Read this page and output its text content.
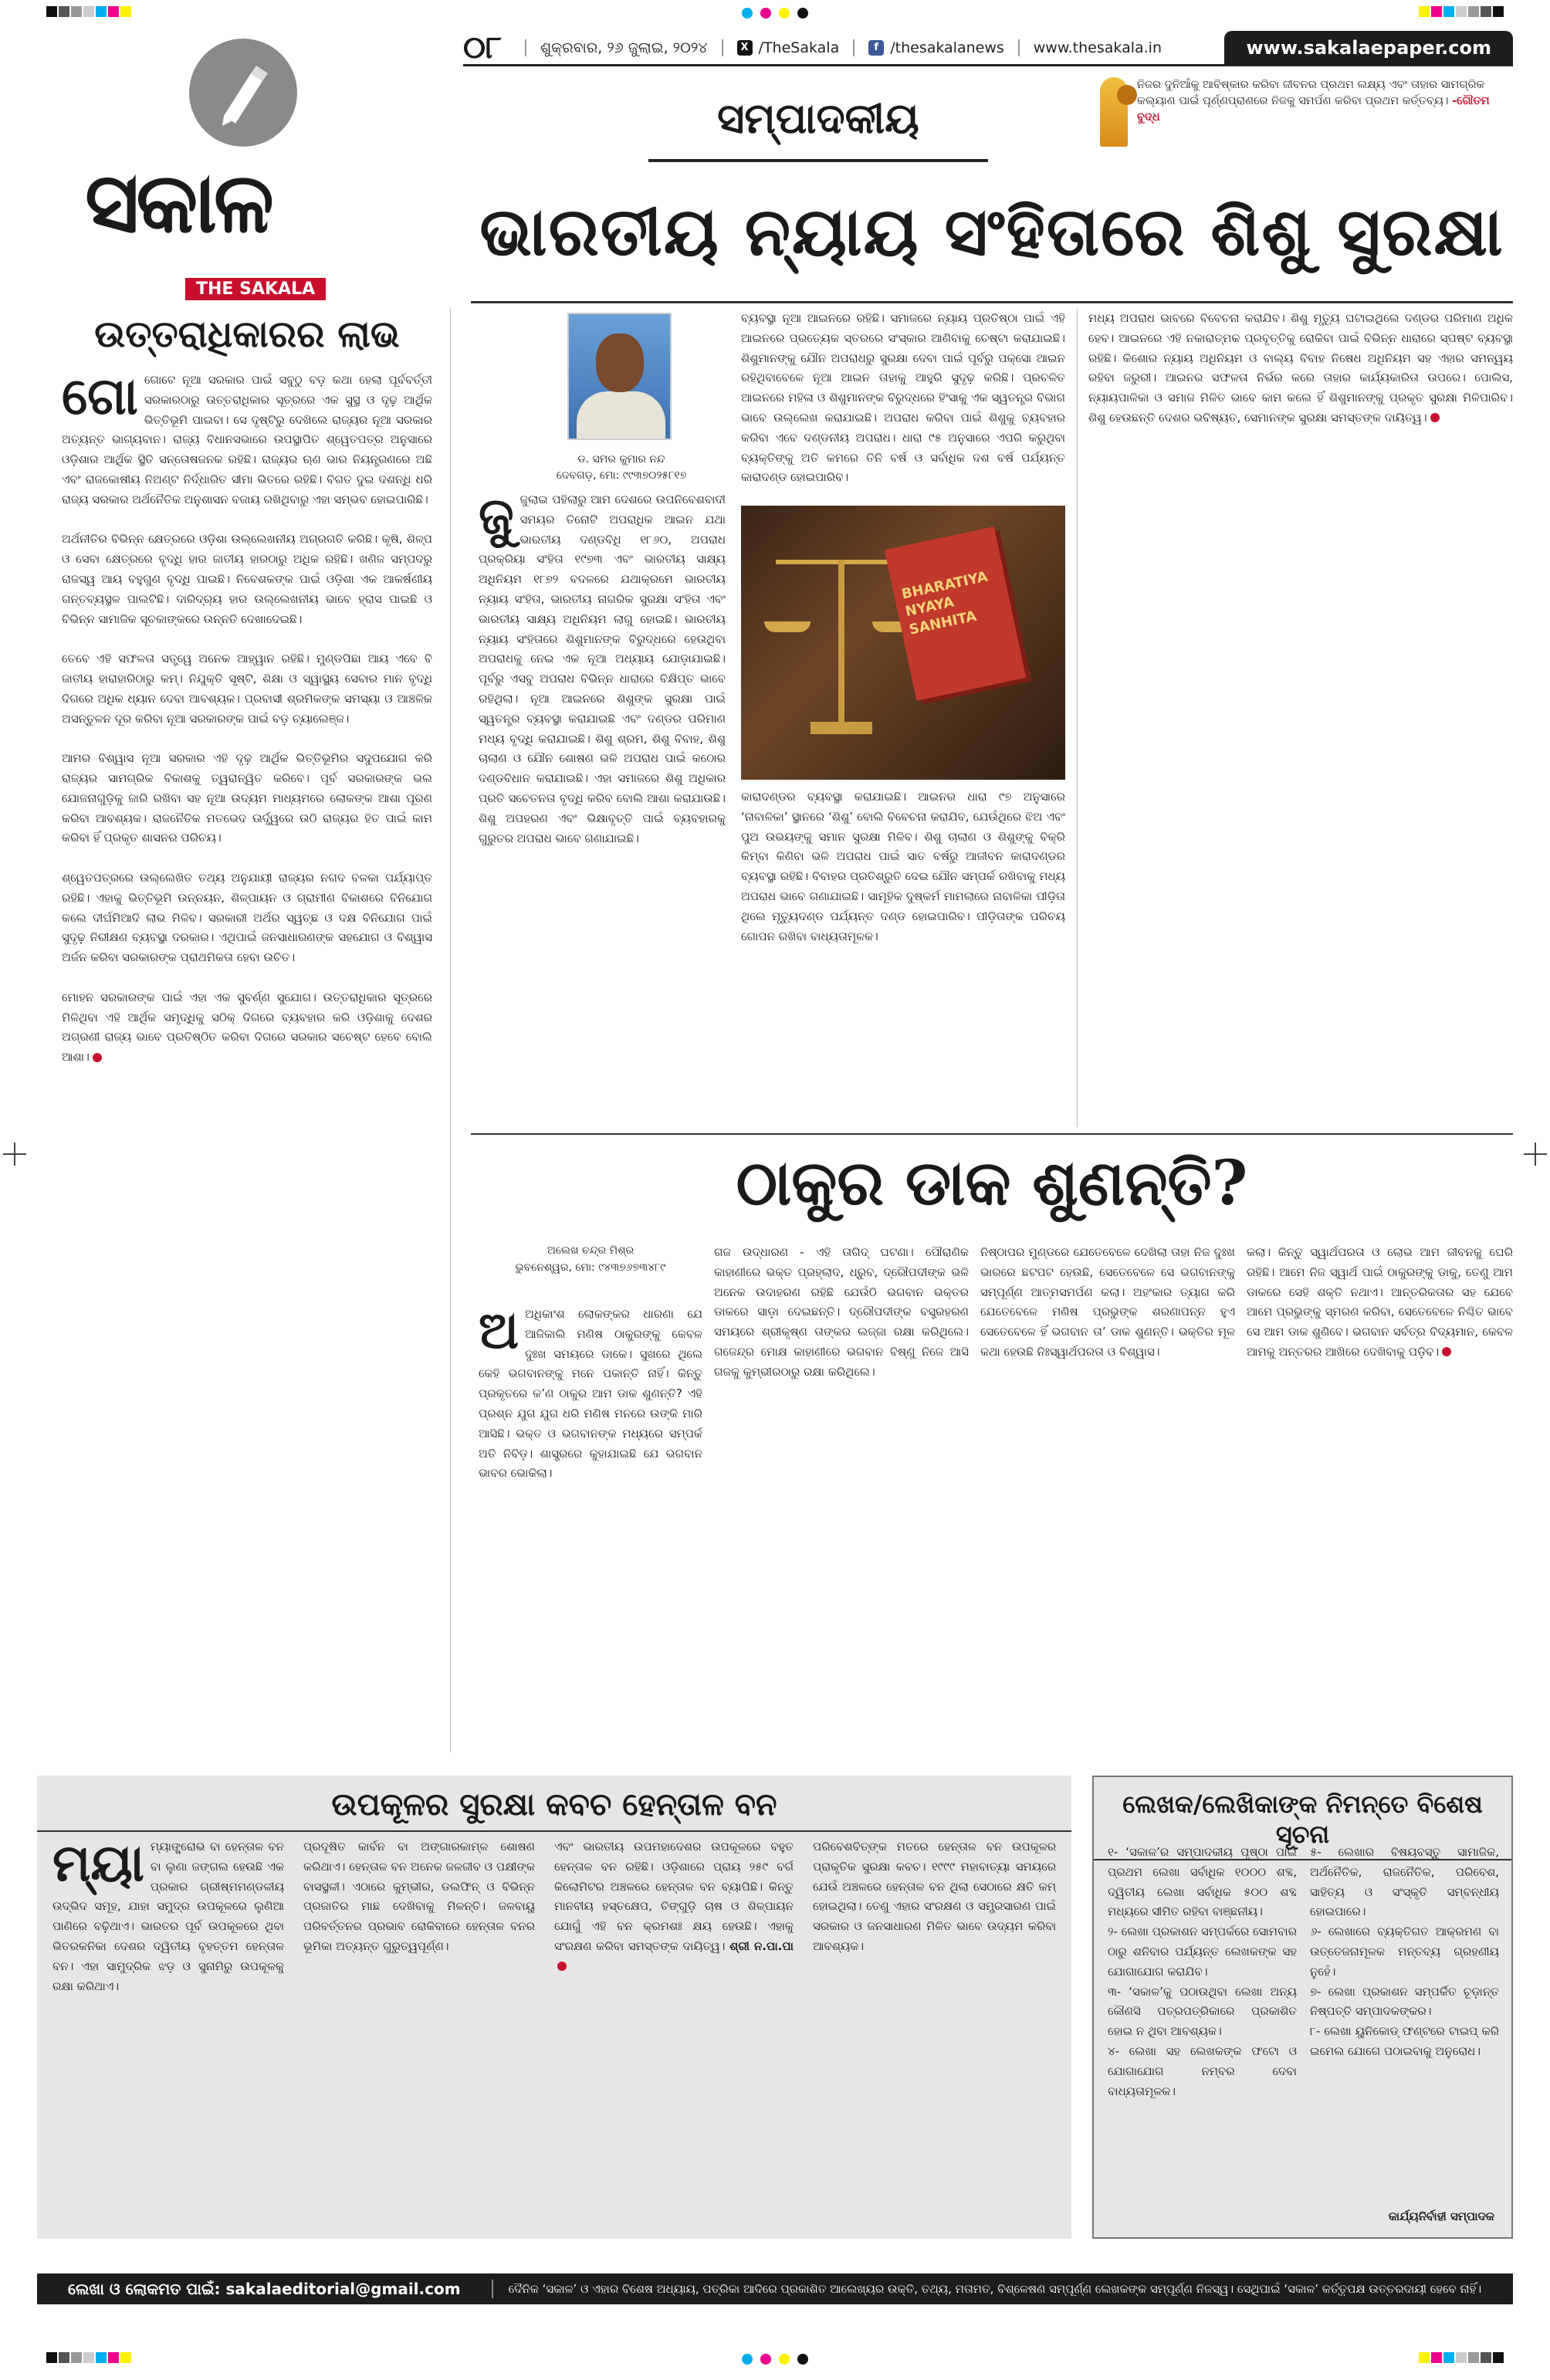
୦୮	ଶୁକ୍ରବାର, ୨୬ ଜୁଲାଇ, ୨୦୨୪	X /TheSakala	f /thesakalanews www.thesakala.in	www.sakalaepaper.com
ସକାଳ
THE SAKALA
ସମ୍ପାଦକୀୟ
ନିଜର ଦୁନିଆଁକୁ ଆବିଷ୍କାର କରିବା ଜୀବନର ପ୍ରଥମ ଲକ୍ଷ୍ୟ ଏବଂ ତାହାର ସାମଗ୍ରିକ କଲ୍ୟାଣ ପାଇଁ ପୂର୍ଣ୍ଣପ୍ରାଣରେ ନିଜକୁ ସମର୍ପଣ କରିବା ପ୍ରଥମ କର୍ତ୍ତବ୍ୟ। -ଗୌତମ ବୁଦ୍ଧ
ଭାରତୀୟ ନ୍ୟାୟ ସଂହିତାରେ ଶିଶୁ ସୁରକ୍ଷା
ଉତ୍ତରାଧିକାରର ଲାଭ
ଗୋ ଗୋଟେ ନୂଆ ସରକାର ପାଇଁ ସବୁଠୁ ବଡ଼ କଥା ହେଲା ପୂର୍ବବର୍ତ୍ତୀ ସରକାରଠାରୁ ଉତ୍ତରାଧିକାର ସୂତ୍ରରେ ଏକ ସୁସ୍ଥ ଓ ଦୃଢ଼ ଆର୍ଥିକ ଭିତ୍ତିଭୂମି ପାଇବା। ସେ ଦୃଷ୍ଟିରୁ ଦେଖିଲେ ରାଜ୍ୟର ନୂଆ ସରକାର ଅତ୍ୟନ୍ତ ଭାଗ୍ୟବାନ। ରାଜ୍ୟ ବିଧାନସଭାରେ ଉପସ୍ଥାପିତ ଶ୍ୱେତପତ୍ର ଅନୁସାରେ ଓଡ଼ିଶାର ଆର୍ଥିକ ସ୍ଥିତି ସନ୍ତୋଷଜନକ ରହିଛି। ରାଜ୍ୟର ଋଣ ଭାର ନିୟନ୍ତ୍ରଣରେ ଅଛି ଏବଂ ରାଜକୋଷୀୟ ନିଅଣ୍ଟ ନିର୍ଦ୍ଧାରିତ ସୀମା ଭିତରେ ରହିଛି। ବିଗତ ଦୁଇ ଦଶନ୍ଧି ଧରି ରାଜ୍ୟ ସରକାର ଅର୍ଥନୈତିକ ଅନୁଶାସନ ବଜାୟ ରଖିଥିବାରୁ ଏହା ସମ୍ଭବ ହୋଇପାରିଛି।

ଅର୍ଥନୀତିର ବିଭିନ୍ନ କ୍ଷେତ୍ରରେ ଓଡ଼ିଶା ଉଲ୍ଲେଖନୀୟ ଅଗ୍ରଗତି କରିଛି। କୃଷି, ଶିଳ୍ପ ଓ ସେବା କ୍ଷେତ୍ରରେ ବୃଦ୍ଧି ହାର ଜାତୀୟ ହାରଠାରୁ ଅଧିକ ରହିଛି। ଖଣିଜ ସମ୍ପଦରୁ ରାଜସ୍ୱ ଆୟ ବହୁଗୁଣ ବୃଦ୍ଧି ପାଇଛି। ନିବେଶକଙ୍କ ପାଇଁ ଓଡ଼ିଶା ଏକ ଆକର୍ଷଣୀୟ ଗନ୍ତବ୍ୟସ୍ଥଳ ପାଲଟିଛି। ଦାରିଦ୍ର୍ୟ ହାର ଉଲ୍ଲେଖନୀୟ ଭାବେ ହ୍ରାସ ପାଇଛି ଓ ବିଭିନ୍ନ ସାମାଜିକ ସୂଚକାଙ୍କରେ ଉନ୍ନତି ଦେଖାଦେଇଛି।

ତେବେ ଏହି ସଫଳତା ସତ୍ତ୍ୱେ ଅନେକ ଆହ୍ୱାନ ରହିଛି। ମୁଣ୍ଡପିଛା ଆୟ ଏବେ ବି ଜାତୀୟ ହାରାହାରିଠାରୁ କମ୍। ନିଯୁକ୍ତି ସୃଷ୍ଟି, ଶିକ୍ଷା ଓ ସ୍ୱାସ୍ଥ୍ୟ ସେବାର ମାନ ବୃଦ୍ଧି ଦିଗରେ ଅଧିକ ଧ୍ୟାନ ଦେବା ଆବଶ୍ୟକ। ପ୍ରବାସୀ ଶ୍ରମିକଙ୍କ ସମସ୍ୟା ଓ ଆଞ୍ଚଳିକ ଅସନ୍ତୁଳନ ଦୂର କରିବା ନୂଆ ସରକାରଙ୍କ ପାଇଁ ବଡ଼ ଚ୍ୟାଲେଞ୍ଜ।

ଆମର ବିଶ୍ୱାସ ନୂଆ ସରକାର ଏହି ଦୃଢ଼ ଆର୍ଥିକ ଭିତ୍ତିଭୂମିର ସଦୁପଯୋଗ କରି ରାଜ୍ୟର ସାମଗ୍ରିକ ବିକାଶକୁ ତ୍ୱରାନ୍ୱିତ କରିବେ। ପୂର୍ବ ସରକାରଙ୍କ ଭଲ ଯୋଜନାଗୁଡ଼ିକୁ ଜାରି ରଖିବା ସହ ନୂଆ ଉଦ୍ୟମ ମାଧ୍ୟମରେ ଲୋକଙ୍କ ଆଶା ପୂରଣ କରିବା ଆବଶ୍ୟକ। ରାଜନୈତିକ ମତଭେଦ ଊର୍ଦ୍ଧ୍ୱରେ ଉଠି ରାଜ୍ୟର ହିତ ପାଇଁ କାମ କରିବା ହିଁ ପ୍ରକୃତ ଶାସନର ପରିଚୟ।

ଶ୍ୱେତପତ୍ରରେ ଉଲ୍ଲେଖିତ ତଥ୍ୟ ଅନୁଯାୟୀ ରାଜ୍ୟର ନଗଦ ବଳକା ପର୍ଯ୍ୟାପ୍ତ ରହିଛି। ଏହାକୁ ଭିତ୍ତିଭୂମି ଉନ୍ନୟନ, ଶିଳ୍ପାୟନ ଓ ଗ୍ରାମୀଣ ବିକାଶରେ ବିନିଯୋଗ କଲେ ଦୀର୍ଘମିଆଦି ଲାଭ ମିଳିବ। ସରକାରୀ ଅର୍ଥର ସ୍ୱଚ୍ଛ ଓ ଦକ୍ଷ ବିନିଯୋଗ ପାଇଁ ସୁଦୃଢ଼ ନିରୀକ୍ଷଣ ବ୍ୟବସ୍ଥା ଦରକାର। ଏଥିପାଇଁ ଜନସାଧାରଣଙ୍କ ସହଯୋଗ ଓ ବିଶ୍ୱାସ ଅର୍ଜନ କରିବା ସରକାରଙ୍କ ପ୍ରାଥମିକତା ହେବା ଉଚିତ।

ମୋହନ ସରକାରଙ୍କ ପାଇଁ ଏହା ଏକ ସୁବର୍ଣ୍ଣ ସୁଯୋଗ। ଉତ୍ତରାଧିକାର ସୂତ୍ରରେ ମିଳିଥିବା ଏହି ଆର୍ଥିକ ସମୃଦ୍ଧିକୁ ସଠିକ୍ ଦିଗରେ ବ୍ୟବହାର କରି ଓଡ଼ିଶାକୁ ଦେଶର ଅଗ୍ରଣୀ ରାଜ୍ୟ ଭାବେ ପ୍ରତିଷ୍ଠିତ କରିବା ଦିଗରେ ସରକାର ସଚେଷ୍ଟ ହେବେ ବୋଲି ଆଶା।
ଡ. ସମର କୁମାର ନନ୍ଦ
ଦେବଗଡ଼, ମୋ: ୯୯୩୭୦୨୫୮୧୭
ଜୁ ଜୁଲାଇ ପହିଲାରୁ ଆମ ଦେଶରେ ଉପନିବେଶବାଦୀ ସମୟର ତିନୋଟି ଅପରାଧିକ ଆଇନ ଯଥା ଭାରତୀୟ ଦଣ୍ଡବିଧି ୧୮୬୦, ଅପରାଧ ପ୍ରକ୍ରିୟା ସଂହିତା ୧୯୭୩ ଏବଂ ଭାରତୀୟ ସାକ୍ଷ୍ୟ ଅଧିନିୟମ ୧୮୭୨ ବଦଳରେ ଯଥାକ୍ରମେ ଭାରତୀୟ ନ୍ୟାୟ ସଂହିତା, ଭାରତୀୟ ନାଗରିକ ସୁରକ୍ଷା ସଂହିତା ଏବଂ ଭାରତୀୟ ସାକ୍ଷ୍ୟ ଅଧିନିୟମ ଲାଗୁ ହୋଇଛି। ଭାରତୀୟ ନ୍ୟାୟ ସଂହିତାରେ ଶିଶୁମାନଙ୍କ ବିରୁଦ୍ଧରେ ହେଉଥିବା ଅପରାଧକୁ ନେଇ ଏକ ନୂଆ ଅଧ୍ୟାୟ ଯୋଡ଼ାଯାଇଛି। ପୂର୍ବରୁ ଏସବୁ ଅପରାଧ ବିଭିନ୍ନ ଧାରାରେ ବିକ୍ଷିପ୍ତ ଭାବେ ରହିଥିଲା। ନୂଆ ଆଇନରେ ଶିଶୁଙ୍କ ସୁରକ୍ଷା ପାଇଁ ସ୍ୱତନ୍ତ୍ର ବ୍ୟବସ୍ଥା କରାଯାଇଛି ଏବଂ ଦଣ୍ଡର ପରିମାଣ ମଧ୍ୟ ବୃଦ୍ଧି କରାଯାଇଛି। ଶିଶୁ ଶ୍ରମ, ଶିଶୁ ବିବାହ, ଶିଶୁ ଚାଲାଣ ଓ ଯୌନ ଶୋଷଣ ଭଳି ଅପରାଧ ପାଇଁ କଠୋର ଦଣ୍ଡବିଧାନ କରାଯାଇଛି। ଏହା ସମାଜରେ ଶିଶୁ ଅଧିକାର ପ୍ରତି ସଚେତନତା ବୃଦ୍ଧି କରିବ ବୋଲି ଆଶା କରାଯାଉଛି। ଶିଶୁ ଅପହରଣ ଏବଂ ଭିକ୍ଷାବୃତ୍ତି ପାଇଁ ବ୍ୟବହାରକୁ ଗୁରୁତର ଅପରାଧ ଭାବେ ଗଣାଯାଇଛି।
ବ୍ୟବସ୍ଥା ନୂଆ ଆଇନରେ ରହିଛି। ସମାଜରେ ନ୍ୟାୟ ପ୍ରତିଷ୍ଠା ପାଇଁ ଏହି ଆଇନରେ ପ୍ରତ୍ୟେକ ସ୍ତରରେ ସଂସ୍କାର ଆଣିବାକୁ ଚେଷ୍ଟା କରାଯାଇଛି। ଶିଶୁମାନଙ୍କୁ ଯୌନ ଅପରାଧରୁ ସୁରକ୍ଷା ଦେବା ପାଇଁ ପୂର୍ବରୁ ପକ୍ସୋ ଆଇନ ରହିଥିବାବେଳେ ନୂଆ ଆଇନ ତାହାକୁ ଆହୁରି ସୁଦୃଢ଼ କରିଛି। ପ୍ରଚଳିତ ଆଇନରେ ମହିଳା ଓ ଶିଶୁମାନଙ୍କ ବିରୁଦ୍ଧରେ ହିଂସାକୁ ଏକ ସ୍ୱତନ୍ତ୍ର ବିଭାଗ ଭାବେ ଉଲ୍ଲେଖ କରାଯାଇଛି। ଅପରାଧ କରିବା ପାଇଁ ଶିଶୁକୁ ବ୍ୟବହାର କରିବା ଏବେ ଦଣ୍ଡନୀୟ ଅପରାଧ। ଧାରା ୯୫ ଅନୁସାରେ ଏପରି କରୁଥିବା ବ୍ୟକ୍ତିଙ୍କୁ ଅତି କମରେ ତିନି ବର୍ଷ ଓ ସର୍ବାଧିକ ଦଶ ବର୍ଷ ପର୍ଯ୍ୟନ୍ତ କାରାଦଣ୍ଡ ହୋଇପାରିବ।
BHARATIYA NYAYA SANHITA
କାରାଦଣ୍ଡର ବ୍ୟବସ୍ଥା କରାଯାଇଛି। ଆଇନର ଧାରା ୯୭ ଅନୁସାରେ ‘ନାବାଳିକା’ ସ୍ଥାନରେ ‘ଶିଶୁ’ ବୋଲି ବିବେଚନା କରାଯିବ, ଯେଉଁଥିରେ ଝିଅ ଏବଂ ପୁଅ ଉଭୟଙ୍କୁ ସମାନ ସୁରକ୍ଷା ମିଳିବ। ଶିଶୁ ଚାଲାଣ ଓ ଶିଶୁଙ୍କୁ ବିକ୍ରି କିମ୍ବା କିଣିବା ଭଳି ଅପରାଧ ପାଇଁ ସାତ ବର୍ଷରୁ ଆଜୀବନ କାରାଦଣ୍ଡର ବ୍ୟବସ୍ଥା ରହିଛି। ବିବାହର ପ୍ରତିଶ୍ରୁତି ଦେଇ ଯୌନ ସମ୍ପର୍କ ରଖିବାକୁ ମଧ୍ୟ ଅପରାଧ ଭାବେ ଗଣାଯାଇଛି। ସାମୂହିକ ଦୁଷ୍କର୍ମ ମାମଲାରେ ନାବାଳିକା ପୀଡ଼ିତା ଥିଲେ ମୃତ୍ୟୁଦଣ୍ଡ ପର୍ଯ୍ୟନ୍ତ ଦଣ୍ଡ ହୋଇପାରିବ। ପୀଡ଼ିତାଙ୍କ ପରିଚୟ ଗୋପନ ରଖିବା ବାଧ୍ୟତାମୂଳକ।
ମଧ୍ୟ ଅପରାଧ ଭାବରେ ବିବେଚନା କରାଯିବ। ଶିଶୁ ମୃତ୍ୟୁ ଘଟାଇଥିଲେ ଦଣ୍ଡର ପରିମାଣ ଅଧିକ ହେବ। ଆଇନରେ ଏହି ନକାରାତ୍ମକ ପ୍ରବୃତ୍ତିକୁ ରୋକିବା ପାଇଁ ବିଭିନ୍ନ ଧାରାରେ ସ୍ପଷ୍ଟ ବ୍ୟବସ୍ଥା ରହିଛି। କିଶୋର ନ୍ୟାୟ ଅଧିନିୟମ ଓ ବାଲ୍ୟ ବିବାହ ନିଷେଧ ଅଧିନିୟମ ସହ ଏହାର ସମନ୍ୱୟ ରହିବା ଜରୁରୀ। ଆଇନର ସଫଳତା ନିର୍ଭର କରେ ତାହାର କାର୍ଯ୍ୟକାରିତା ଉପରେ। ପୋଲିସ, ନ୍ୟାୟପାଳିକା ଓ ସମାଜ ମିଳିତ ଭାବେ କାମ କଲେ ହିଁ ଶିଶୁମାନଙ୍କୁ ପ୍ରକୃତ ସୁରକ୍ଷା ମିଳିପାରିବ। ଶିଶୁ ହେଉଛନ୍ତି ଦେଶର ଭବିଷ୍ୟତ, ସେମାନଙ୍କ ସୁରକ୍ଷା ସମସ୍ତଙ୍କ ଦାୟିତ୍ୱ।
ଠାକୁର ଡାକ ଶୁଣନ୍ତି?
ଅଲେଖ ଚନ୍ଦ୍ର ମିଶ୍ର
ଭୁବନେଶ୍ୱର, ମୋ: ୯୪୩୭୬୭୩୪୮୯
ଅ ଅଧିକାଂଶ ଲୋକଙ୍କର ଧାରଣା ଯେ ଆଜିକାଲି ମଣିଷ ଠାକୁରଙ୍କୁ କେବଳ ଦୁଃଖ ସମୟରେ ଡାକେ। ସୁଖରେ ଥିଲେ କେହି ଭଗବାନଙ୍କୁ ମନେ ପକାନ୍ତି ନାହିଁ। କିନ୍ତୁ ପ୍ରକୃତରେ କ’ଣ ଠାକୁର ଆମ ଡାକ ଶୁଣନ୍ତି? ଏହି ପ୍ରଶ୍ନ ଯୁଗ ଯୁଗ ଧରି ମଣିଷ ମନରେ ଉଙ୍କି ମାରି ଆସିଛି। ଭକ୍ତ ଓ ଭଗବାନଙ୍କ ମଧ୍ୟରେ ସମ୍ପର୍କ ଅତି ନିବିଡ଼। ଶାସ୍ତ୍ରରେ କୁହାଯାଇଛି ଯେ ଭଗବାନ ଭାବର ଭୋକିଲା।
ଗଜ ଉଦ୍ଧାରଣ - ଏହି ତାଗିଦ୍ ଘଟଣା। ପୌରାଣିକ କାହାଣୀରେ ଭକ୍ତ ପ୍ରହ୍ଲାଦ, ଧ୍ରୁବ, ଦ୍ରୌପଦୀଙ୍କ ଭଳି ଅନେକ ଉଦାହରଣ ରହିଛି ଯେଉଁଠି ଭଗବାନ ଭକ୍ତର ଡାକରେ ସାଡ଼ା ଦେଇଛନ୍ତି। ଦ୍ରୌପଦୀଙ୍କ ବସ୍ତ୍ରହରଣ ସମୟରେ ଶ୍ରୀକୃଷ୍ଣ ତାଙ୍କର ଲଜ୍ଜା ରକ୍ଷା କରିଥିଲେ। ଗଜେନ୍ଦ୍ର ମୋକ୍ଷ କାହାଣୀରେ ଭଗବାନ ବିଷ୍ଣୁ ନିଜେ ଆସି ଗଜକୁ କୁମ୍ଭୀରଠାରୁ ରକ୍ଷା କରିଥିଲେ।
ନିଷ୍ଠାପର ମୁଣ୍ଡରେ ଯେତେବେଳେ ଦେଖିଲା ତାହା ନିଜ ଦୁଃଖ ଭାରରେ ଛଟପଟ ହେଉଛି, ସେତେବେଳେ ସେ ଭଗବାନଙ୍କୁ ସମ୍ପୂର୍ଣ୍ଣ ଆତ୍ମସମର୍ପଣ କଲା। ଅହଂକାର ତ୍ୟାଗ କରି ଯେତେବେଳେ ମଣିଷ ପ୍ରଭୁଙ୍କ ଶରଣାପନ୍ନ ହୁଏ ସେତେବେଳେ ହିଁ ଭଗବାନ ତା’ ଡାକ ଶୁଣନ୍ତି। ଭକ୍ତିର ମୂଳ କଥା ହେଉଛି ନିଃସ୍ୱାର୍ଥପରତା ଓ ବିଶ୍ୱାସ।
କଲା। କିନ୍ତୁ ସ୍ୱାର୍ଥପରତା ଓ ଲୋଭ ଆମ ଜୀବନକୁ ଘେରି ରହିଛି। ଆମେ ନିଜ ସ୍ୱାର୍ଥ ପାଇଁ ଠାକୁରଙ୍କୁ ଡାକୁ, ତେଣୁ ଆମ ଡାକରେ ସେହି ଶକ୍ତି ନଥାଏ। ଆନ୍ତରିକତାର ସହ ଯେବେ ଆମେ ପ୍ରଭୁଙ୍କୁ ସ୍ମରଣ କରିବା, ସେତେବେଳେ ନିଶ୍ଚିତ ଭାବେ ସେ ଆମ ଡାକ ଶୁଣିବେ। ଭଗବାନ ସର୍ବତ୍ର ବିଦ୍ୟମାନ, କେବଳ ଆମକୁ ଅନ୍ତରର ଆଖିରେ ଦେଖିବାକୁ ପଡ଼ିବ।
ଉପକୂଳର ସୁରକ୍ଷା କବଚ ହେନ୍ତାଳ ବନ
ମ୍ୟା ମ୍ୟାଙ୍ଗ୍ରୋଭ ବା ହେନ୍ତାଳ ବନ ବା ଲୁଣା ଜଙ୍ଗଲ ହେଉଛି ଏକ ପ୍ରକାର ଗ୍ରୀଷ୍ମମଣ୍ଡଳୀୟ ଉଦ୍ଭିଦ ସମୂହ, ଯାହା ସମୁଦ୍ର ଉପକୂଳରେ ଲୁଣିଆ ପାଣିରେ ବଢ଼ିଥାଏ। ଭାରତର ପୂର୍ବ ଉପକୂଳରେ ଥିବା ଭିତରକନିକା ଦେଶର ଦ୍ୱିତୀୟ ବୃହତ୍ତମ ହେନ୍ତାଳ ବନ। ଏହା ସାମୁଦ୍ରିକ ଝଡ଼ ଓ ସୁନାମିରୁ ଉପକୂଳକୁ ରକ୍ଷା କରିଥାଏ।
ପ୍ରଦୂଷିତ କାର୍ବନ ବା ଅଙ୍ଗାରକାମ୍ଳ ଶୋଷଣ କରିଥାଏ। ହେନ୍ତାଳ ବନ ଅନେକ ଜଳଜୀବ ଓ ପକ୍ଷୀଙ୍କ ବାସସ୍ଥଳୀ। ଏଠାରେ କୁମ୍ଭୀର, ଡଲଫିନ୍ ଓ ବିଭିନ୍ନ ପ୍ରଜାତିର ମାଛ ଦେଖିବାକୁ ମିଳନ୍ତି। ଜଳବାୟୁ ପରିବର୍ତ୍ତନର ପ୍ରଭାବ ରୋକିବାରେ ହେନ୍ତାଳ ବନର ଭୂମିକା ଅତ୍ୟନ୍ତ ଗୁରୁତ୍ୱପୂର୍ଣ୍ଣ।
ଏବଂ ଭାରତୀୟ ଉପମହାଦେଶର ଉପକୂଳରେ ବହୁତ ହେନ୍ତାଳ ବନ ରହିଛି। ଓଡ଼ିଶାରେ ପ୍ରାୟ ୨୫୯ ବର୍ଗ କିଲୋମିଟର ଅଞ୍ଚଳରେ ହେନ୍ତାଳ ବନ ବ୍ୟାପିଛି। କିନ୍ତୁ ମାନବୀୟ ହସ୍ତକ୍ଷେପ, ଚିଙ୍ଗୁଡ଼ି ଚାଷ ଓ ଶିଳ୍ପାୟନ ଯୋଗୁଁ ଏହି ବନ କ୍ରମଶଃ କ୍ଷୟ ହେଉଛି। ଏହାକୁ ସଂରକ୍ଷଣ କରିବା ସମସ୍ତଙ୍କ ଦାୟିତ୍ୱ। ଶ୍ରୀ ନ.ପା.ପା
ପରିବେଶବିତ୍‌ଙ୍କ ମତରେ ହେନ୍ତାଳ ବନ ଉପକୂଳର ପ୍ରାକୃତିକ ସୁରକ୍ଷା କବଚ। ୧୯୯୯ ମହାବାତ୍ୟା ସମୟରେ ଯେଉଁ ଅଞ୍ଚଳରେ ହେନ୍ତାଳ ବନ ଥିଲା ସେଠାରେ କ୍ଷତି କମ୍ ହୋଇଥିଲା। ତେଣୁ ଏହାର ସଂରକ୍ଷଣ ଓ ସମ୍ପ୍ରସାରଣ ପାଇଁ ସରକାର ଓ ଜନସାଧାରଣ ମିଳିତ ଭାବେ ଉଦ୍ୟମ କରିବା ଆବଶ୍ୟକ।
ଲେଖକ/ଲେଖିକାଙ୍କ ନିମନ୍ତେ ବିଶେଷ ସୂଚନା
୧- ‘ସକାଳ’ର ସମ୍ପାଦକୀୟ ପୃଷ୍ଠା ପାଇଁ ପ୍ରଥମ ଲେଖା ସର୍ବାଧିକ ୧୦୦୦ ଶବ୍ଦ, ଦ୍ୱିତୀୟ ଲେଖା ସର୍ବାଧିକ ୫୦୦ ଶବ୍ଦ ମଧ୍ୟରେ ସୀମିତ ରହିବା ବାଞ୍ଛନୀୟ।
୨- ଲେଖା ପ୍ରକାଶନ ସମ୍ପର୍କରେ ସୋମବାର ଠାରୁ ଶନିବାର ପର୍ଯ୍ୟନ୍ତ ଲେଖକଙ୍କ ସହ ଯୋଗାଯୋଗ କରାଯିବ।
୩- ‘ସକାଳ’କୁ ପଠାଉଥିବା ଲେଖା ଅନ୍ୟ କୌଣସି ପତ୍ରପତ୍ରିକାରେ ପ୍ରକାଶିତ ହୋଇ ନ ଥିବା ଆବଶ୍ୟକ।
୪- ଲେଖା ସହ ଲେଖକଙ୍କ ଫଟୋ ଓ ଯୋଗାଯୋଗ ନମ୍ବର ଦେବା ବାଧ୍ୟତାମୂଳକ।
୫- ଲେଖାର ବିଷୟବସ୍ତୁ ସାମାଜିକ, ଅର୍ଥନୈତିକ, ରାଜନୈତିକ, ପରିବେଶ, ସାହିତ୍ୟ ଓ ସଂସ୍କୃତି ସମ୍ବନ୍ଧୀୟ ହୋଇପାରେ।
୬- ଲେଖାରେ ବ୍ୟକ୍ତିଗତ ଆକ୍ରମଣ ବା ଉତ୍ତେଜନାମୂଳକ ମନ୍ତବ୍ୟ ଗ୍ରହଣୀୟ ନୁହେଁ।
୭- ଲେଖା ପ୍ରକାଶନ ସମ୍ପର୍କିତ ଚୂଡ଼ାନ୍ତ ନିଷ୍ପତ୍ତି ସମ୍ପାଦକଙ୍କର।
୮- ଲେଖା ୟୁନିକୋଡ୍ ଫଣ୍ଟରେ ଟାଇପ୍ କରି ଇମେଲ ଯୋଗେ ପଠାଇବାକୁ ଅନୁରୋଧ।
କାର୍ଯ୍ୟନିର୍ବାହୀ ସମ୍ପାଦକ
ଲେଖା ଓ ଲୋକମତ ପାଇଁ: sakalaeditorial@gmail.com	ଦୈନିକ ‘ସକାଳ’ ଓ ଏହାର ବିଶେଷ ଅଧ୍ୟାୟ, ପତ୍ରିକା ଆଦିରେ ପ୍ରକାଶିତ ଆଲେଖ୍ୟର ଉକ୍ତି, ତଥ୍ୟ, ମତାମତ, ବିଶ୍ଳେଷଣ ସମ୍ପୂର୍ଣ୍ଣ ଲେଖକଙ୍କ ସମ୍ପୂର୍ଣ୍ଣ ନିଜସ୍ୱ। ସେଥିପାଇଁ ‘ସକାଳ’ କର୍ତ୍ତୃପକ୍ଷ ଉତ୍ତରଦାୟୀ ହେବେ ନାହିଁ।
